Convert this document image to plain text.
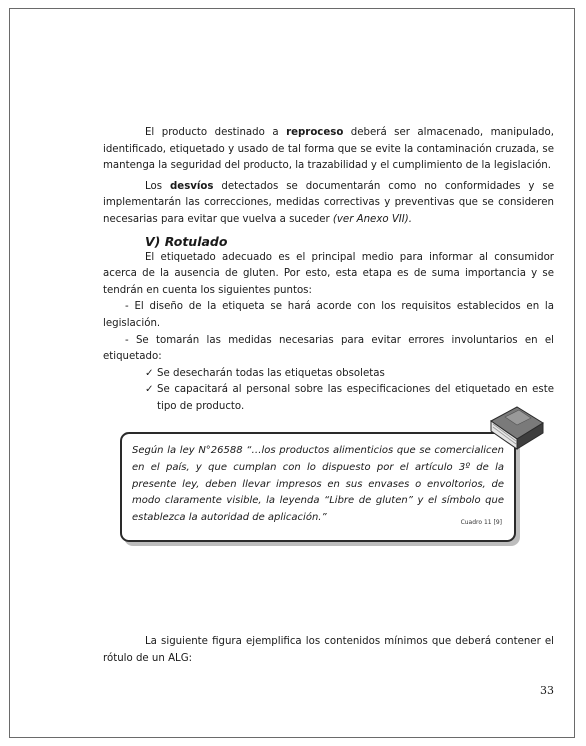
El producto destinado a reproceso deberá ser almacenado, manipulado, identificado, etiquetado y usado de tal forma que se evite la contaminación cruzada, se mantenga la seguridad del producto, la trazabilidad y el cumplimiento de la legislación.

Los desvíos detectados se documentarán como no conformidades y se implementarán las correcciones, medidas correctivas y preventivas que se consideren necesarias para evitar que vuelva a suceder (ver Anexo VII).

V) Rotulado

El etiquetado adecuado es el principal medio para informar al consumidor acerca de la ausencia de gluten. Por esto, esta etapa es de suma importancia y se tendrán en cuenta los siguientes puntos:

- El diseño de la etiqueta se hará acorde con los requisitos establecidos en la legislación.

- Se tomarán las medidas necesarias para evitar errores involuntarios en el etiquetado:

✓ Se desecharán todas las etiquetas obsoletas

✓ Se capacitará al personal sobre las especificaciones del etiquetado en este tipo de producto.

Según la ley N°26588 “…los productos alimenticios que se comercialicen en el país, y que cumplan con lo dispuesto por el artículo 3º de la presente ley, deben llevar impresos en sus envases o envoltorios, de modo claramente visible, la leyenda “Libre de gluten” y el símbolo que establezca la autoridad de aplicación.”	Cuadro 11 [9]

La siguiente figura ejemplifica los contenidos mínimos que deberá contener el rótulo de un ALG:

33
